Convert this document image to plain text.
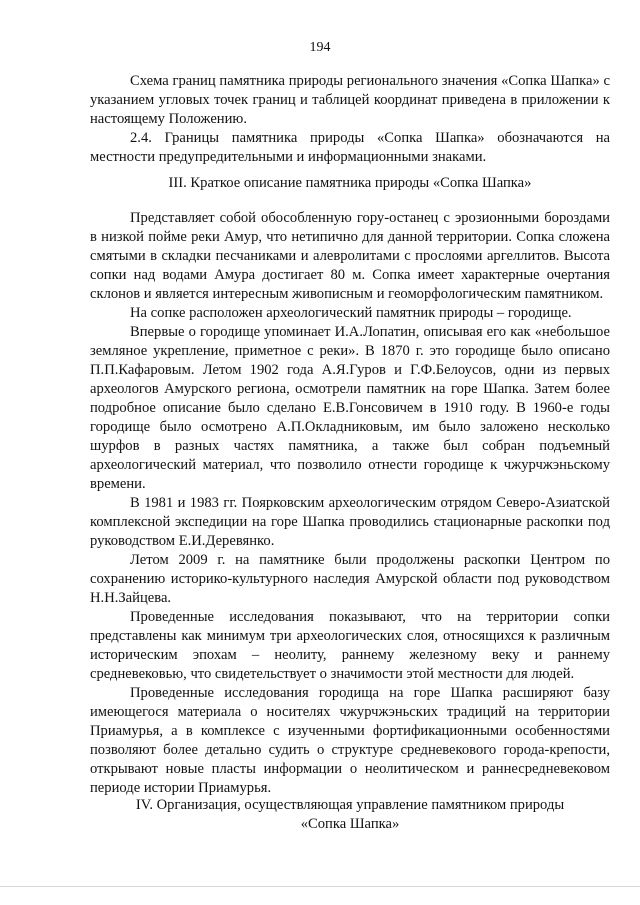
194

Схема границ памятника природы регионального значения «Сопка Шапка» с указанием угловых точек границ и таблицей координат приведена в приложении к настоящему Положению.

2.4. Границы памятника природы «Сопка Шапка» обозначаются на местности предупредительными и информационными знаками.

III. Краткое описание памятника природы «Сопка Шапка»

Представляет собой обособленную гору-останец с эрозионными бороздами в низкой пойме реки Амур, что нетипично для данной территории. Сопка сложена смятыми в складки песчаниками и алевролитами с прослоями аргеллитов. Высота сопки над водами Амура достигает 80 м. Сопка имеет характерные очертания склонов и является интересным живописным и геоморфологическим памятником.

На сопке расположен археологический памятник природы – городище.

Впервые о городище упоминает И.А.Лопатин, описывая его как «небольшое земляное укрепление, приметное с реки». В 1870 г. это городище было описано П.П.Кафаровым. Летом 1902 года А.Я.Гуров и Г.Ф.Белоусов, одни из первых археологов Амурского региона, осмотрели памятник на горе Шапка. Затем более подробное описание было сделано Е.В.Гонсовичем в 1910 году. В 1960-е годы городище было осмотрено А.П.Окладниковым, им было заложено несколько шурфов в разных частях памятника, а также был собран подъемный археологический материал, что позволило отнести городище к чжурчжэньскому времени.

В 1981 и 1983 гг. Поярковским археологическим отрядом Северо-Азиатской комплексной экспедиции на горе Шапка проводились стационарные раскопки под руководством Е.И.Деревянко.

Летом 2009 г. на памятнике были продолжены раскопки Центром по сохранению историко-культурного наследия Амурской области под руководством Н.Н.Зайцева.

Проведенные исследования показывают, что на территории сопки представлены как минимум три археологических слоя, относящихся к различным историческим эпохам – неолиту, раннему железному веку и раннему средневековью, что свидетельствует о значимости этой местности для людей.

Проведенные исследования городища на горе Шапка расширяют базу имеющегося материала о носителях чжурчжэньских традиций на территории Приамурья, а в комплексе с изученными фортификационными особенностями позволяют более детально судить о структуре средневекового города-крепости, открывают новые пласты информации о неолитическом и раннесредневековом периоде истории Приамурья.

IV. Организация, осуществляющая управление памятником природы
«Сопка Шапка»
